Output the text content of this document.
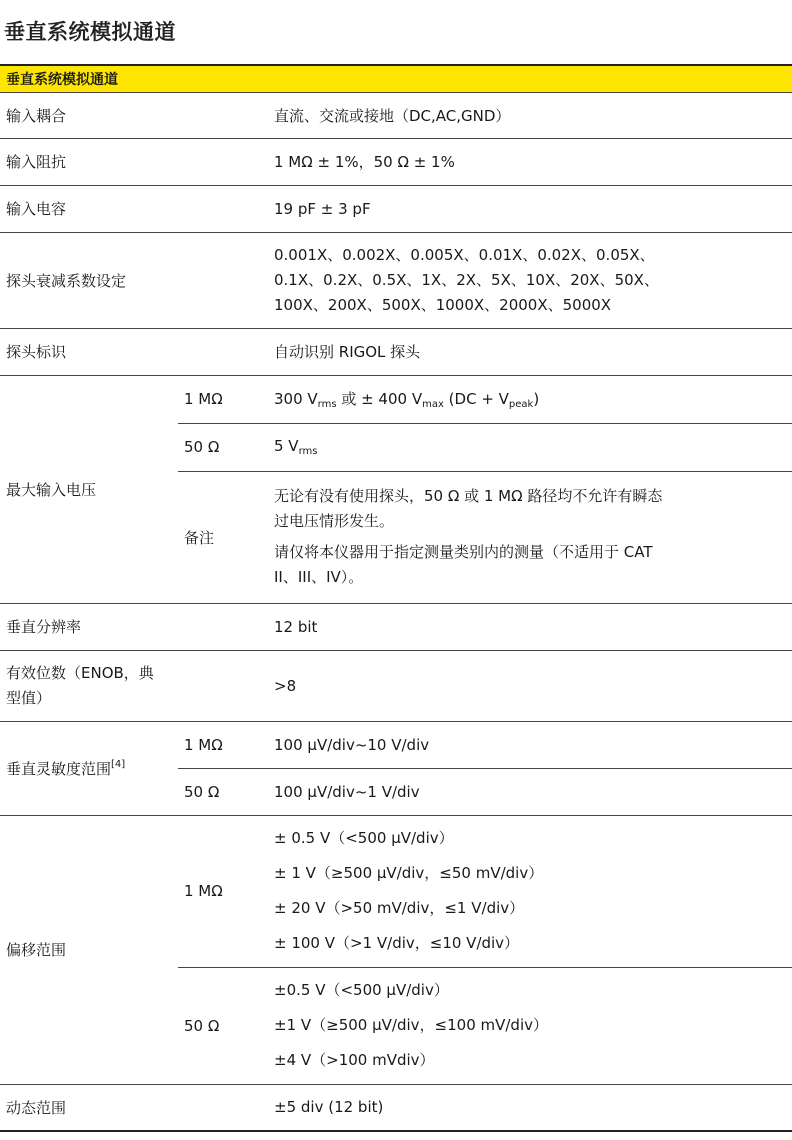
垂直系统模拟通道
垂直系统模拟通道		
输入耦合		直流、交流或接地（DC,AC,GND）
输入阻抗		1 MΩ ± 1%，50 Ω ± 1%
输入电容		19 pF ± 3 pF
探头衰减系数设定		0.001X、0.002X、0.005X、0.01X、0.02X、0.05X、
0.1X、0.2X、0.5X、1X、2X、5X、10X、20X、50X、
100X、200X、500X、1000X、2000X、5000X

探头标识		自动识别 RIGOL 探头
最大输入电压	1 MΩ	300 $V_{rms}$ 或 ± 400 $V_{max}$ $(DC + V_{peak})$
	50 Ω	5 $V_{rms}$
	备注	无论有没有使用探头，50 Ω 或 1 MΩ 路径均不允许有瞬态
过电压情形发生。
请仅将本仪器用于指定测量类别内的测量（不适用于 CAT
II、III、IV）。

垂直分辨率		12 bit

有效位数（ENOB，典
型值）		>8
垂直灵敏度范围[4]	1 MΩ	100 μV/div~10 V/div
	50 Ω	100 μV/div~1 V/div
偏移范围	1 MΩ	± 0.5 V（<500 μV/div）
± 1 V（≥500 μV/div，≤50 mV/div）
± 20 V（>50 mV/div，≤1 V/div）
± 100 V（>1 V/div，≤10 V/div）

	50 Ω	±0.5 V（<500 μV/div）
±1 V（≥500 μV/div，≤100 mV/div）
±4 V（>100 mVdiv）

动态范围		±5 div (12 bit)
